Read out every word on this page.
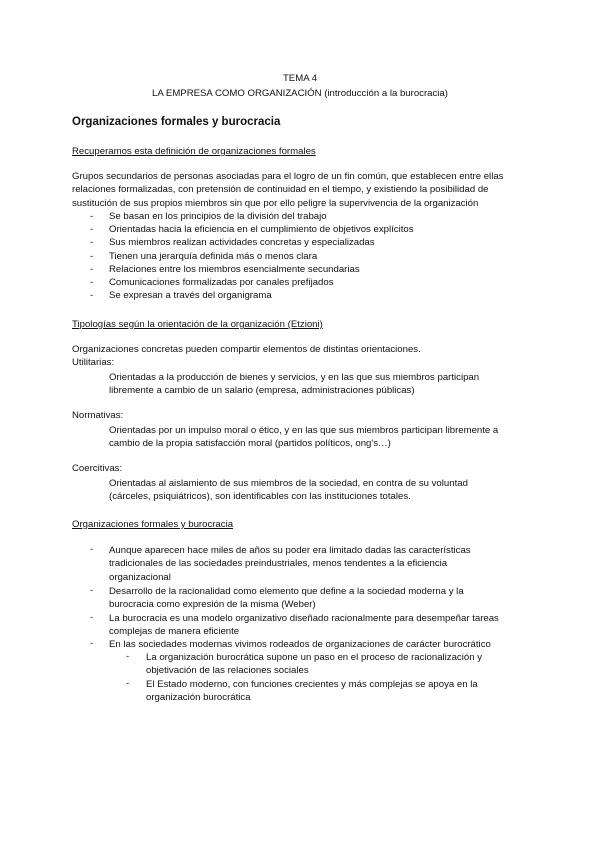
TEMA 4
LA EMPRESA COMO ORGANIZACIÓN (introducción a la burocracia)
Organizaciones formales y burocracia
Recuperamos esta definición de organizaciones formales
Grupos secundarios de personas asociadas para el logro de un fin común, que establecen entre ellas
relaciones formalizadas, con pretensión de continuidad en el tiempo, y existiendo la posibilidad de
sustitución de sus propios miembros sin que por ello peligre la supervivencia de la organización
- Se basan en los principios de la división del trabajo
- Orientadas hacia la eficiencia en el cumplimiento de objetivos explícitos
- Sus miembros realizan actividades concretas y especializadas
- Tienen una jerarquía definida más o menos clara
- Relaciones entre los miembros esencialmente secundarias
- Comunicaciones formalizadas por canales prefijados
- Se expresan a través del organigrama
Tipologías según la orientación de la organización (Etzioni)
Organizaciones concretas pueden compartir elementos de distintas orientaciones.
Utilitarias:
Orientadas a la producción de bienes y servicios, y en las que sus miembros participan
libremente a cambio de un salario (empresa, administraciones públicas)
Normativas:
Orientadas por un impulso moral o ético, y en las que sus miembros participan libremente a
cambio de la propia satisfacción moral (partidos políticos, ong's…)
Coercitivas:
Orientadas al aislamiento de sus miembros de la sociedad, en contra de su voluntad
(cárceles, psiquiátricos), son identificables con las instituciones totales.
Organizaciones formales y burocracia
- Aunque aparecen hace miles de años su poder era limitado dadas las características
tradicionales de las sociedades preindustriales, menos tendentes a la eficiencia
organizacional
- Desarrollo de la racionalidad como elemento que define a la sociedad moderna y la
burocracia como expresión de la misma (Weber)
- La burocracia es una modelo organizativo diseñado racionalmente para desempeñar tareas
complejas de manera eficiente
- En las sociedades modernas vivimos rodeados de organizaciones de carácter burocrático
- La organización burocrática supone un paso en el proceso de racionalización y
objetivación de las relaciones sociales
- El Estado moderno, con funciones crecientes y más complejas se apoya en la
organización burocrática
